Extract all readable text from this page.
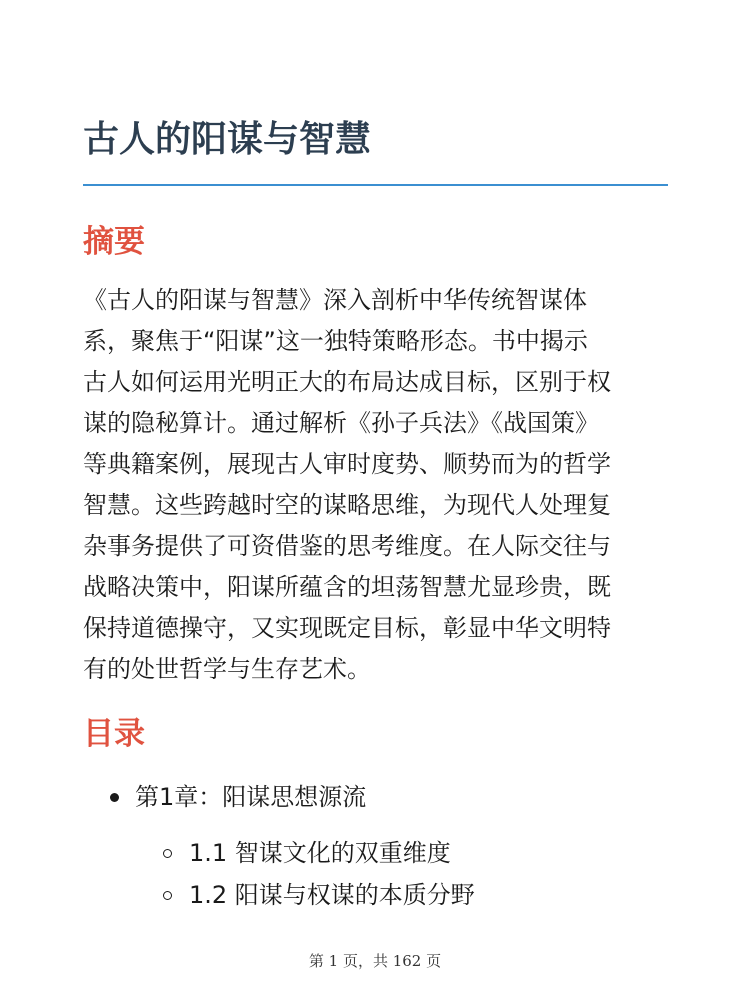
古人的阳谋与智慧
摘要

《古人的阳谋与智慧》深入剖析中华传统智谋体
系，聚焦于“阳谋”这一独特策略形态。书中揭示
古人如何运用光明正大的布局达成目标，区别于权
谋的隐秘算计。通过解析《孙子兵法》《战国策》
等典籍案例，展现古人审时度势、顺势而为的哲学
智慧。这些跨越时空的谋略思维，为现代人处理复
杂事务提供了可资借鉴的思考维度。在人际交往与
战略决策中，阳谋所蕴含的坦荡智慧尤显珍贵，既
保持道德操守，又实现既定目标，彰显中华文明特
有的处世哲学与生存艺术。

目录
第1章：阳谋思想源流
1.1 智谋文化的双重维度
1.2 阳谋与权谋的本质分野
第 1 页，共 162 页
